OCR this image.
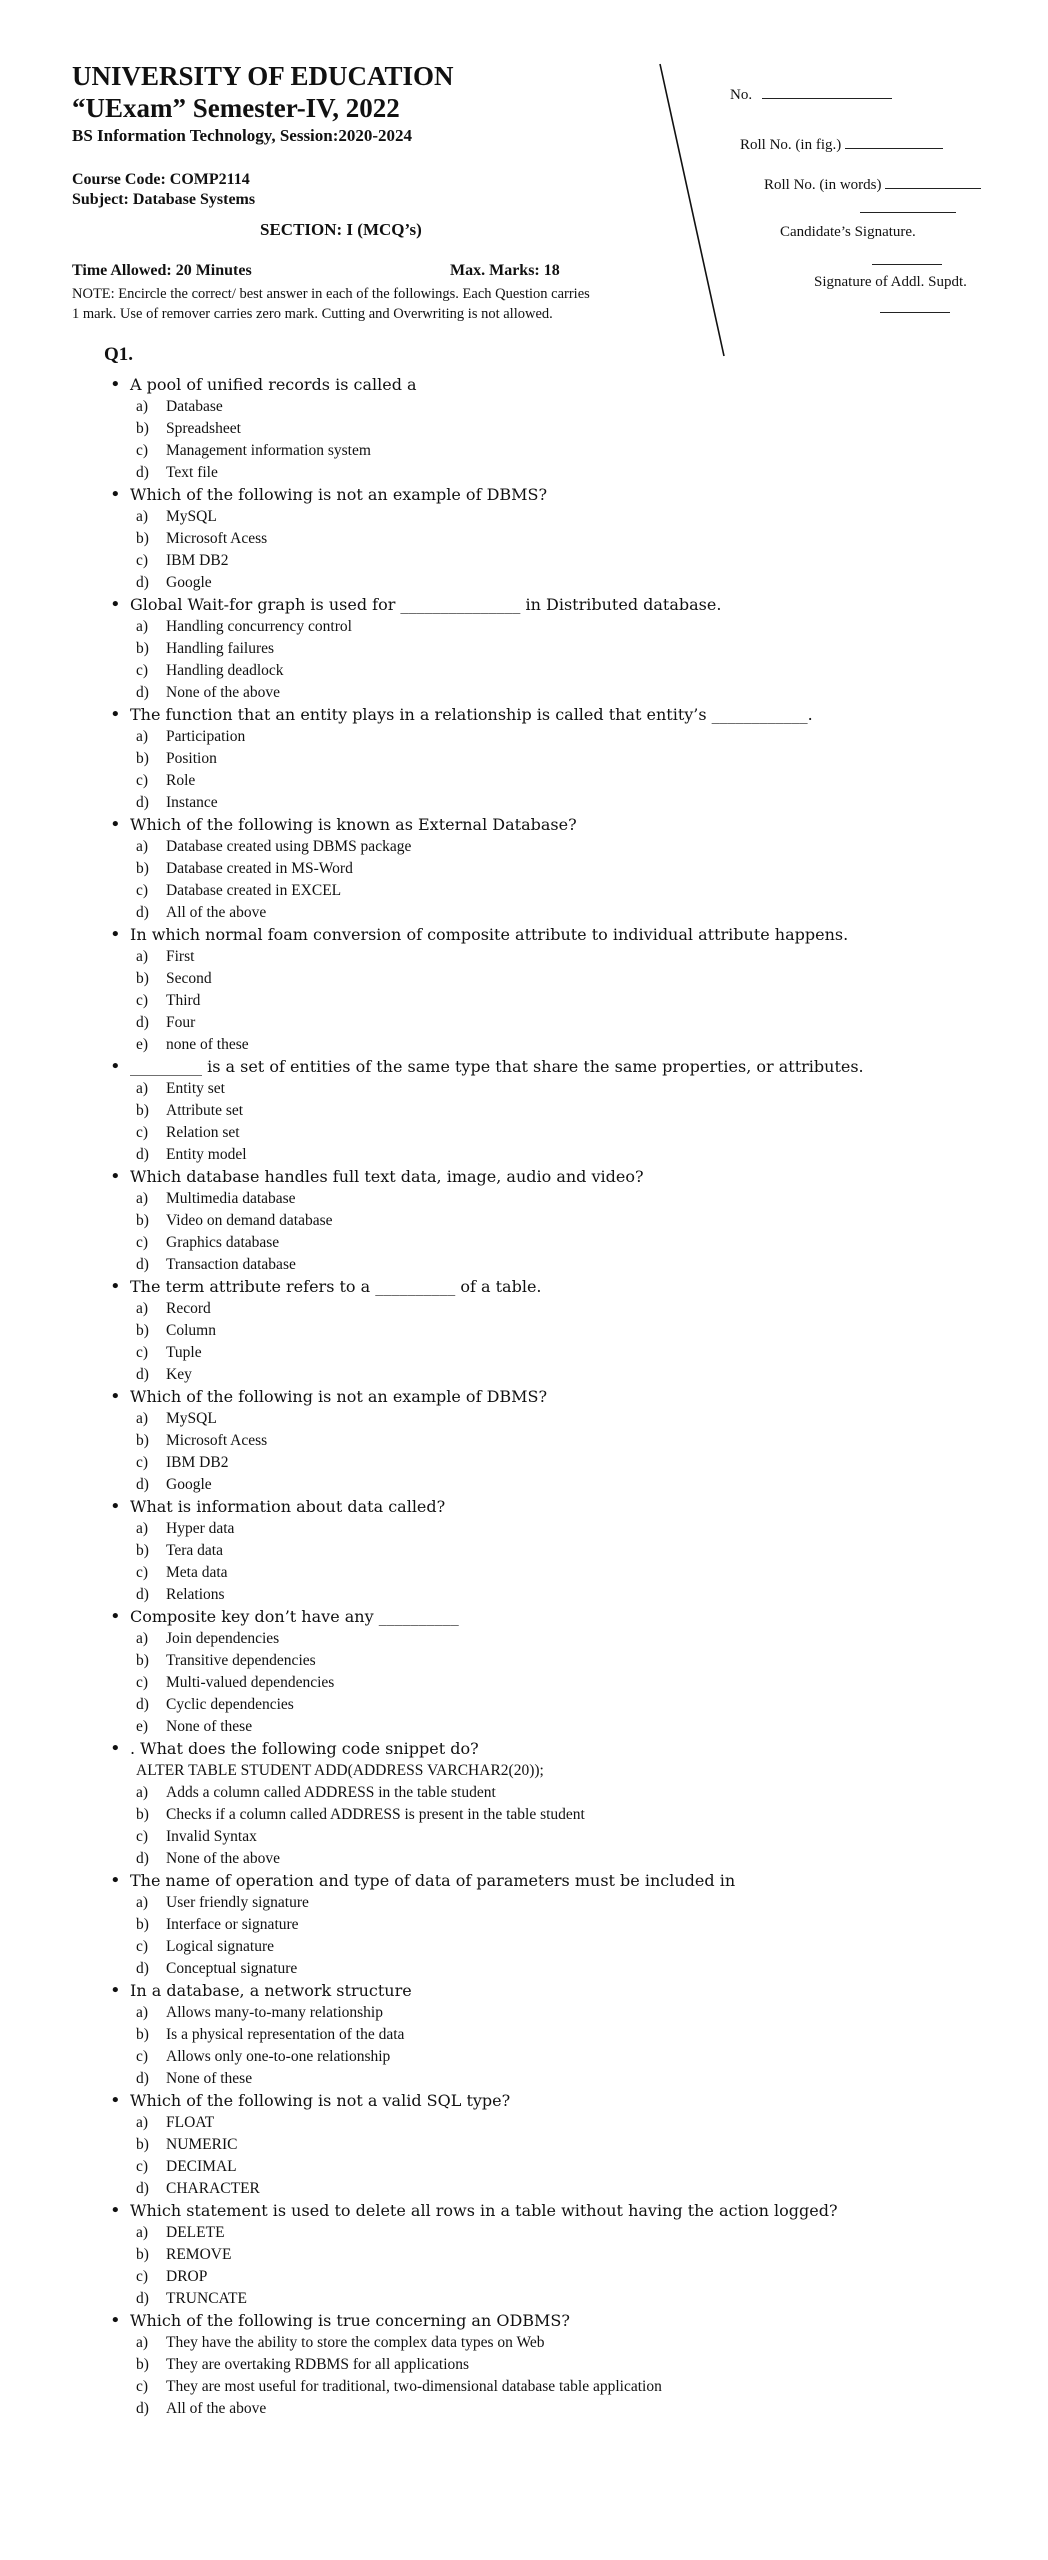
UNIVERSITY OF EDUCATION
“UExam” Semester-IV, 2022
BS Information Technology, Session:2020-2024
Course Code: COMP2114
Subject: Database Systems
SECTION: I (MCQ’s)
Time Allowed: 20 Minutes	Max. Marks: 18
NOTE: Encircle the correct/ best answer in each of the followings. Each Question carries 1 mark. Use of remover carries zero mark. Cutting and Overwriting is not allowed.
No.
Roll No. (in fig.)
Roll No. (in words)
Candidate’s Signature.
Signature of Addl. Supdt.
Q1.
• A pool of unified records is called a
a) Database
b) Spreadsheet
c) Management information system
d) Text file
• Which of the following is not an example of DBMS?
a) MySQL
b) Microsoft Acess
c) IBM DB2
d) Google
• Global Wait-for graph is used for _______________ in Distributed database.
a) Handling concurrency control
b) Handling failures
c) Handling deadlock
d) None of the above
• The function that an entity plays in a relationship is called that entity’s ____________.
a) Participation
b) Position
c) Role
d) Instance
• Which of the following is known as External Database?
a) Database created using DBMS package
b) Database created in MS-Word
c) Database created in EXCEL
d) All of the above
• In which normal foam conversion of composite attribute to individual attribute happens.
a) First
b) Second
c) Third
d) Four
e) none of these
• _________ is a set of entities of the same type that share the same properties, or attributes.
a) Entity set
b) Attribute set
c) Relation set
d) Entity model
• Which database handles full text data, image, audio and video?
a) Multimedia database
b) Video on demand database
c) Graphics database
d) Transaction database
• The term attribute refers to a __________ of a table.
a) Record
b) Column
c) Tuple
d) Key
• Which of the following is not an example of DBMS?
a) MySQL
b) Microsoft Acess
c) IBM DB2
d) Google
• What is information about data called?
a) Hyper data
b) Tera data
c) Meta data
d) Relations
• Composite key don’t have any __________
a) Join dependencies
b) Transitive dependencies
c) Multi-valued dependencies
d) Cyclic dependencies
e) None of these
• . What does the following code snippet do?
ALTER TABLE STUDENT ADD(ADDRESS VARCHAR2(20));
a) Adds a column called ADDRESS in the table student
b) Checks if a column called ADDRESS is present in the table student
c) Invalid Syntax
d) None of the above
• The name of operation and type of data of parameters must be included in
a) User friendly signature
b) Interface or signature
c) Logical signature
d) Conceptual signature
• In a database, a network structure
a) Allows many-to-many relationship
b) Is a physical representation of the data
c) Allows only one-to-one relationship
d) None of these
• Which of the following is not a valid SQL type?
a) FLOAT
b) NUMERIC
c) DECIMAL
d) CHARACTER
• Which statement is used to delete all rows in a table without having the action logged?
a) DELETE
b) REMOVE
c) DROP
d) TRUNCATE
• Which of the following is true concerning an ODBMS?
a) They have the ability to store the complex data types on Web
b) They are overtaking RDBMS for all applications
c) They are most useful for traditional, two-dimensional database table application
d) All of the above
